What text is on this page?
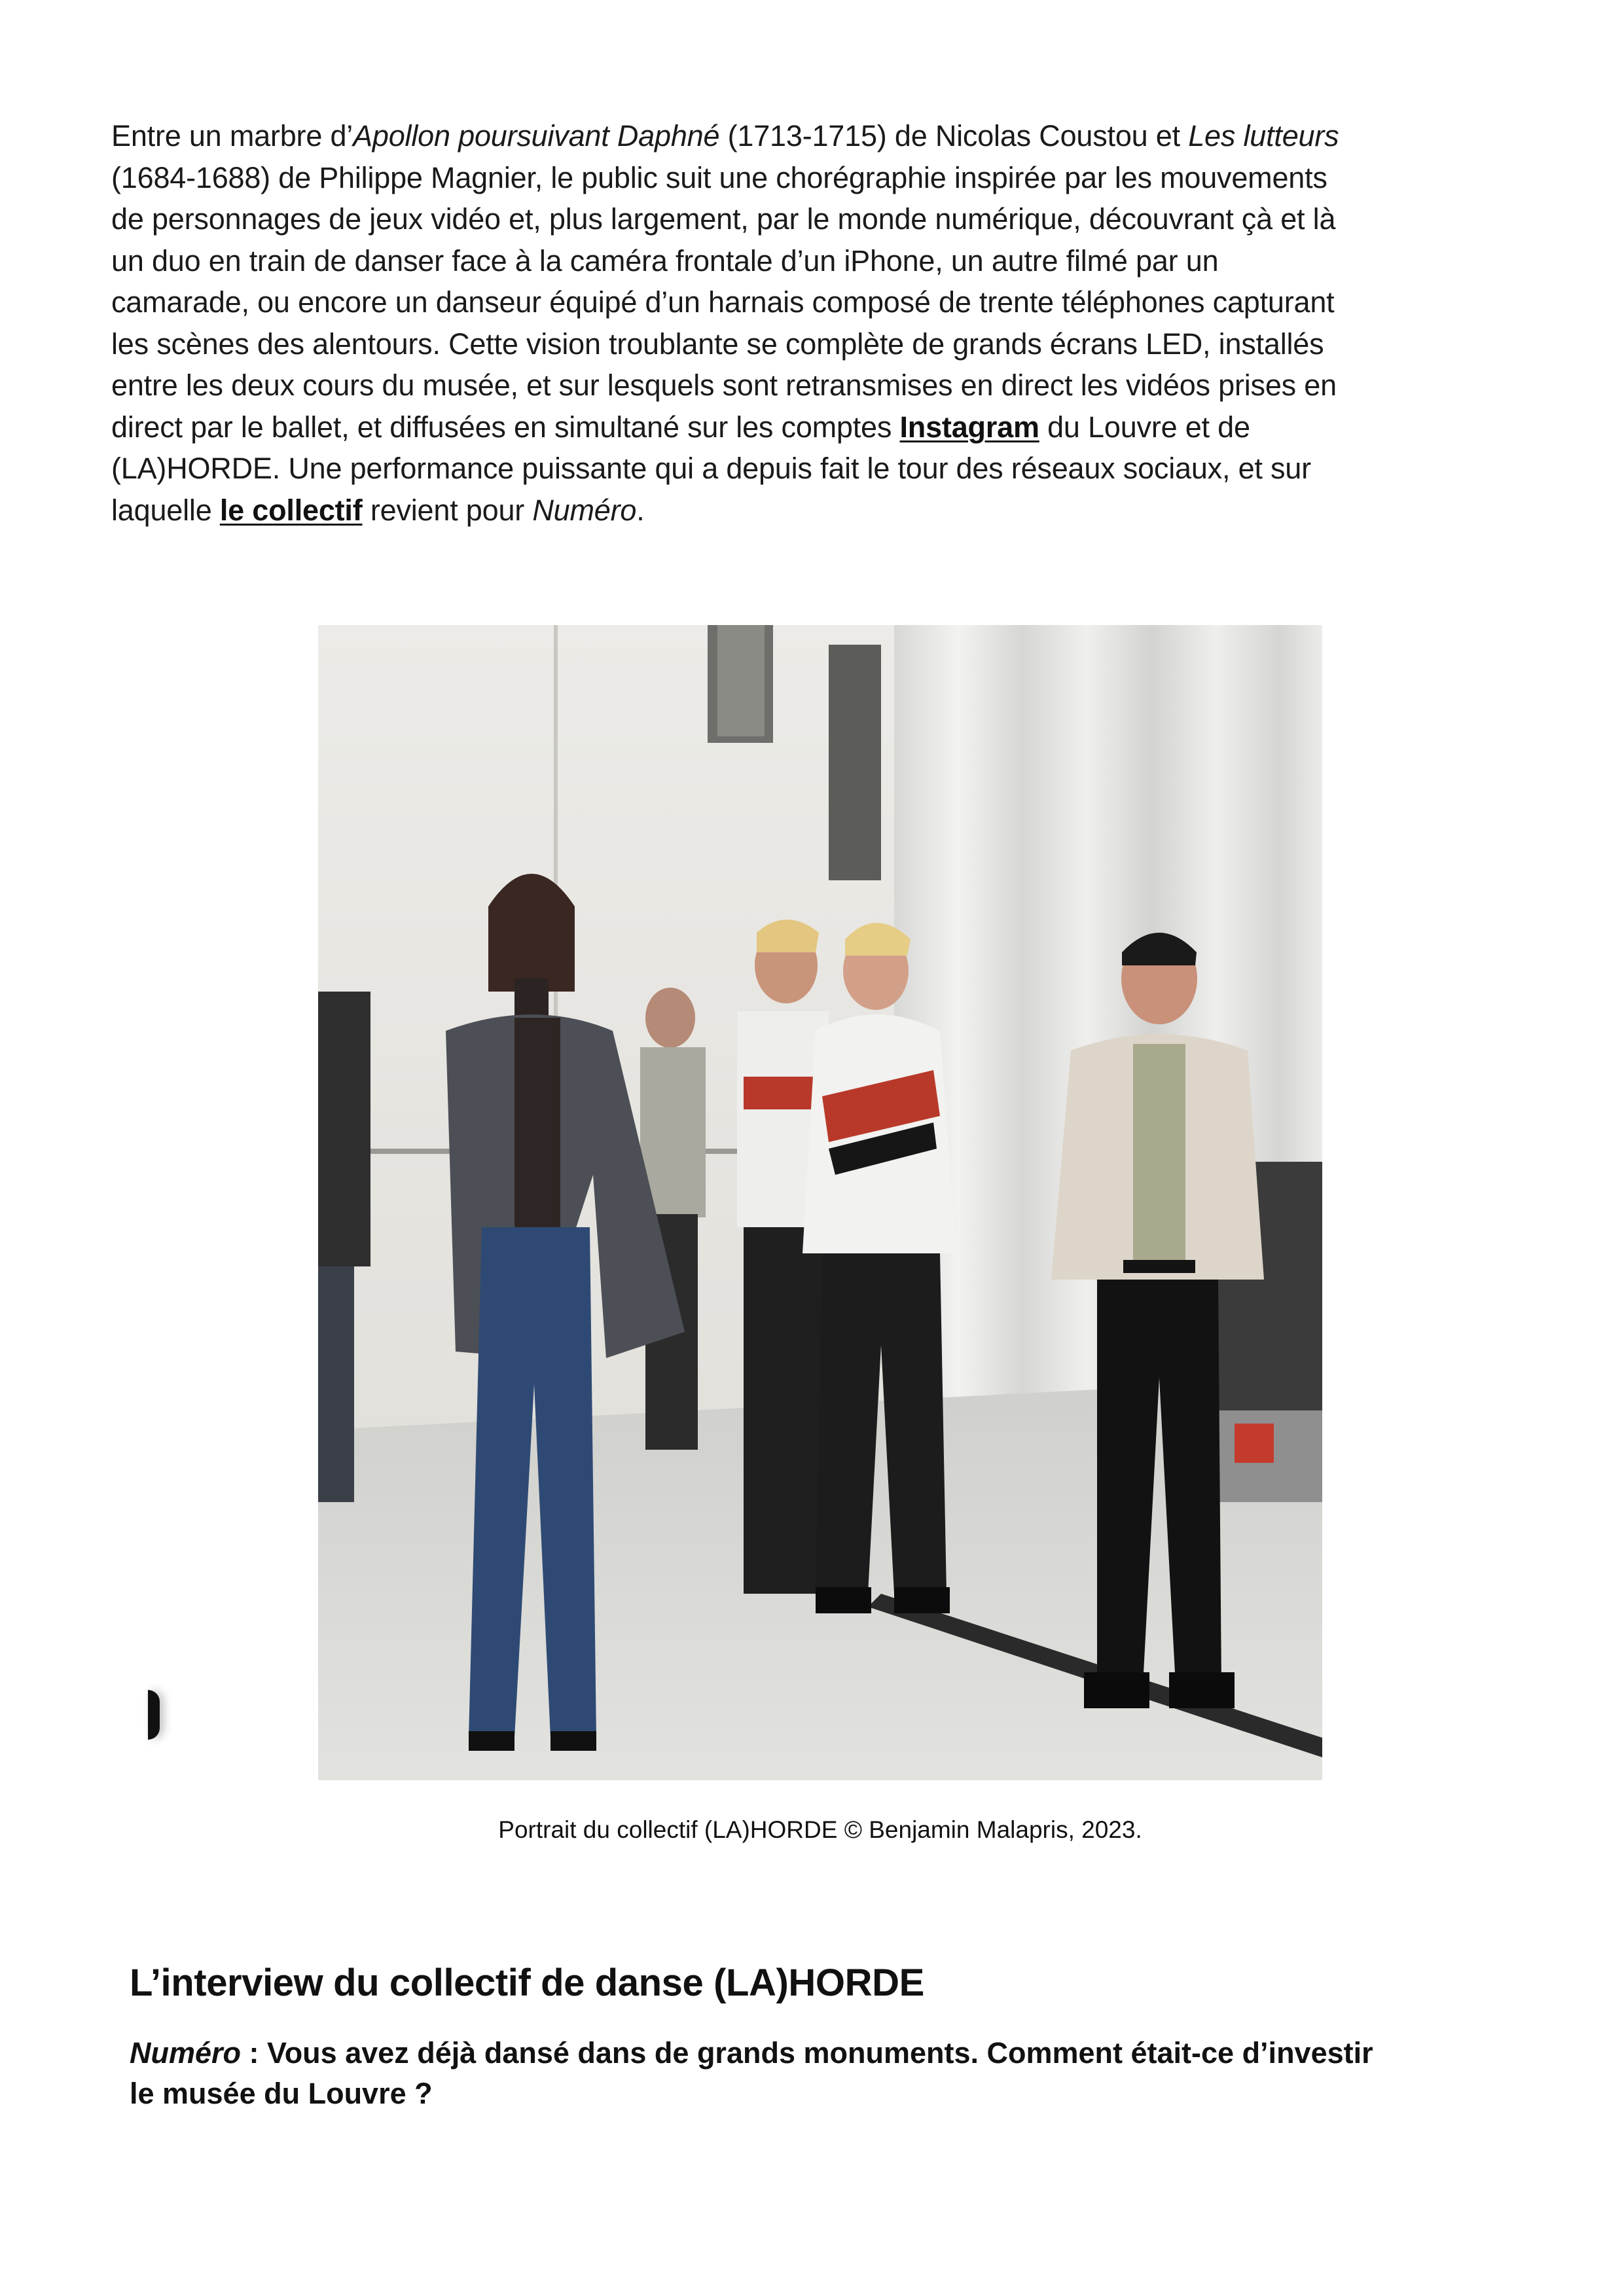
Entre un marbre d’Apollon poursuivant Daphné (1713-1715) de Nicolas Coustou et Les lutteurs (1684-1688) de Philippe Magnier, le public suit une chorégraphie inspirée par les mouvements de personnages de jeux vidéo et, plus largement, par le monde numérique, découvrant çà et là un duo en train de danser face à la caméra frontale d’un iPhone, un autre filmé par un camarade, ou encore un danseur équipé d’un harnais composé de trente téléphones capturant les scènes des alentours. Cette vision troublante se complète de grands écrans LED, installés entre les deux cours du musée, et sur lesquels sont retransmises en direct les vidéos prises en direct par le ballet, et diffusées en simultané sur les comptes Instagram du Louvre et de (LA)HORDE. Une performance puissante qui a depuis fait le tour des réseaux sociaux, et sur laquelle le collectif revient pour Numéro.

Portrait du collectif (LA)HORDE © Benjamin Malapris, 2023.

L’interview du collectif de danse (LA)HORDE

Numéro : Vous avez déjà dansé dans de grands monuments. Comment était-ce d’investir le musée du Louvre ?
